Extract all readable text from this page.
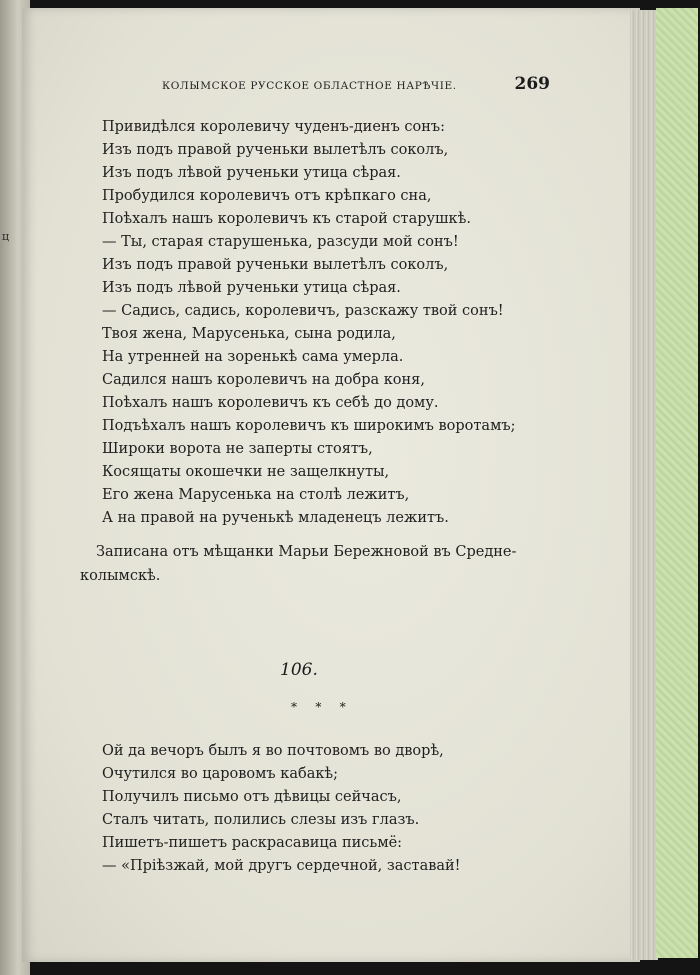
ц
КОЛЫМСКОЕ РУССКОЕ ОБЛАСТНОЕ НАРѢЧІЕ.	269
Привидѣлся королевичу чуденъ-диенъ сонъ:
Изъ подъ правой рученьки вылетѣлъ соколъ,
Изъ подъ лѣвой рученьки утица сѣрая.
Пробудился королевичъ отъ крѣпкаго сна,
Поѣхалъ нашъ королевичъ къ старой старушкѣ.
— Ты, старая старушенька, разсуди мой сонъ!
Изъ подъ правой рученьки вылетѣлъ соколъ,
Изъ подъ лѣвой рученьки утица сѣрая.
— Садись, садись, королевичъ, разскажу твой сонъ!
Твоя жена, Марусенька, сына родила,
На утренней на зоренькѣ сама умерла.
Садился нашъ королевичъ на добра коня,
Поѣхалъ нашъ королевичъ къ себѣ до дому.
Подъѣхалъ нашъ королевичъ къ широкимъ воротамъ;
Широки ворота не заперты стоятъ,
Косящаты окошечки не защелкнуты,
Его жена Марусенька на столѣ лежитъ,
А на правой на рученькѣ младенецъ лежитъ.
Записана отъ мѣщанки Марьи Бережновой въ Средне-колымскѣ.
106.
* * *
Ой да вечоръ былъ я во почтовомъ во дворѣ,
Очутился во царовомъ кабакѣ;
Получилъ письмо отъ дѣвицы сейчасъ,
Сталъ читать, полились слезы изъ глазъ.
Пишетъ-пишетъ раскрасавица письмё:
— «Пріѣзжай, мой другъ сердечной, заставай!
